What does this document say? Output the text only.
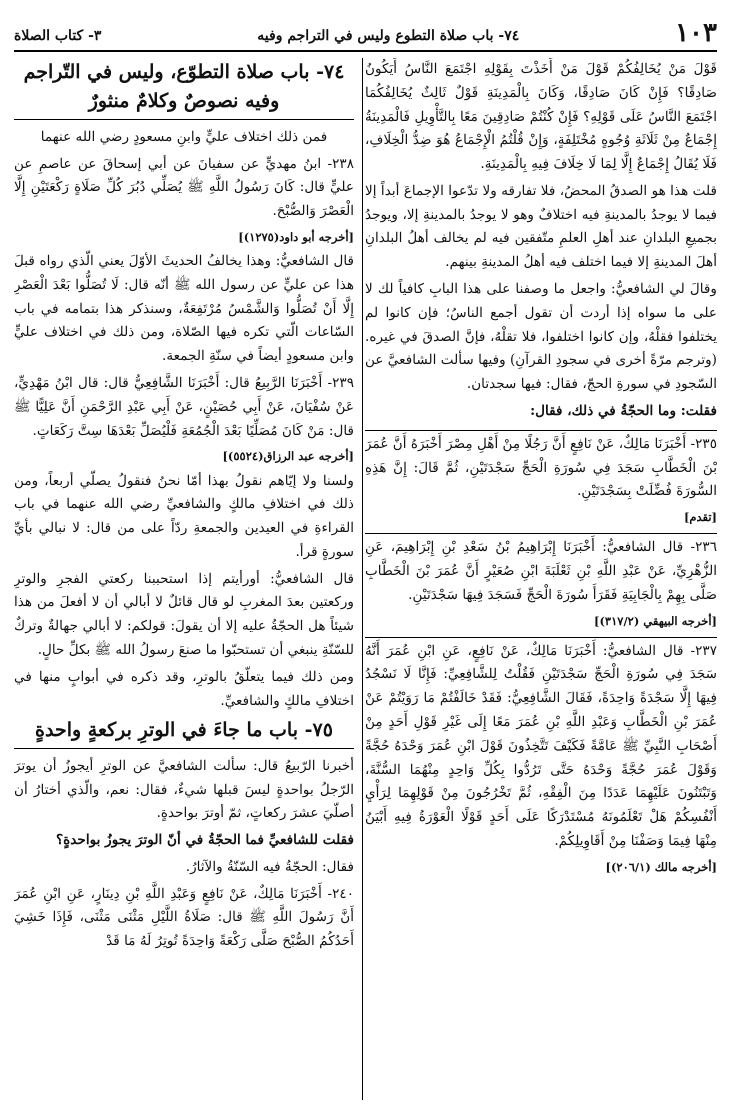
١٠٣
٧٤- باب صلاة التطوع وليس في التراجم وفيه
٣- كتاب الصلاة

قَوْلَ مَنْ يُخَالِفُكُمْ قَوْلَ مَنْ أَخَذْتَ بِقَوْلِهِ اجْتَمَعَ النَّاسُ أَيَكُونُ صَادِقًا؟ فَإِنْ كَانَ صَادِقًا، وَكَانَ بِالْمَدِينَةِ قَوْلٌ ثَالِثٌ يُخَالِفُكُمَا اجْتَمَعَ النَّاسُ عَلَى قَوْلِهِ؟ فَإِنْ كُنْتُمْ صَادِقِينَ مَعًا بِالتَّأْوِيلِ فَالْمَدِينَةُ إِجْمَاعٌ مِنْ ثَلَاثَةِ وُجُوهٍ مُخْتَلِفَةٍ، وَإِنْ قُلْتُمُ الْإِجْمَاعُ هُوَ ضِدُّ الْخِلَافِ، فَلَا يُقَالُ إِجْمَاعٌ إِلَّا لِمَا لَا خِلَافَ فِيهِ بِالْمَدِينَةِ.

قلت هذا هو الصدقُ المحضُ، فلا تفارقه ولا تدّعوا الإجماعَ أبداً إلا فيما لا يوجدُ بالمدينةِ فيه اختلافٌ وهو لا يوجدُ بالمدينةِ إلا، ويوجدُ بجميعِ البلدانِ عند أهلِ العلمِ متّفقين فيه لم يخالف أهلُ البلدانِ أهلَ المدينةِ إلا فيما اختلف فيه أهلُ المدينةِ بينهم.

وقالَ لي الشافعيُّ: واجعل ما وصفنا على هذا البابِ كافياً لك لا على ما سواه إذا أردت أن تقول أجمع الناسُ؛ فإن كانوا لم يختلفوا فقلْهُ، وإن كانوا اختلفوا، فلا تقلْهُ، فإنَّ الصدقَ في غيره. (وترجم مرّةً أخرى في سجودِ القرآنِ) وفيها سألت الشافعيَّ عن السّجودِ في سورةِ الحجّ، فقال: فيها سجدتان.

فقلت: وما الحجّةُ في ذلك، فقال:

٢٣٥- أَخْبَرَنَا مَالِكٌ، عَنْ نَافِعٍ أَنَّ رَجُلًا مِنْ أَهْلِ مِصْرَ أَخْبَرَهُ أَنَّ عُمَرَ بْنَ الْخَطَّابِ سَجَدَ فِي سُورَةِ الْحَجِّ سَجْدَتَيْنِ، ثُمَّ قَالَ: إِنَّ هَذِهِ السُّورَةَ فُضِّلَتْ بِسَجْدَتَيْنِ.

[تقدم]

٢٣٦- قال الشافعيُّ: أَخْبَرَنَا إِبْرَاهِيمُ بْنُ سَعْدِ بْنِ إِبْرَاهِيمَ، عَنِ الزُّهْرِيِّ، عَنْ عَبْدِ اللَّهِ بْنِ ثَعْلَبَةَ ابْنِ صُعَيْرٍ أَنَّ عُمَرَ بْنَ الْخَطَّابِ صَلَّى بِهِمْ بِالْجَابِيَةِ فَقَرَأَ سُورَةَ الْحَجِّ فَسَجَدَ فِيهَا سَجْدَتَيْنِ.

[أخرجه البيهقي (٣١٧/٢)]

٢٣٧- قال الشافعيُّ: أَخْبَرَنَا مَالِكٌ، عَنْ نَافِعٍ، عَنِ ابْنِ عُمَرَ أَنَّهُ سَجَدَ فِي سُورَةِ الْحَجِّ سَجْدَتَيْنِ فَقُلْتُ لِلشَّافِعِيِّ: فَإِنَّا لَا نَسْجُدُ فِيهَا إِلَّا سَجْدَةً وَاحِدَةً، فَقَالَ الشَّافِعِيُّ: فَقَدْ خَالَفْتُمْ مَا رَوَيْتُمْ عَنْ عُمَرَ بْنِ الْخَطَّابِ وَعَبْدِ اللَّهِ بْنِ عُمَرَ مَعًا إِلَى غَيْرِ قَوْلِ أَحَدٍ مِنْ أَصْحَابِ النَّبِيِّ ﷺ عَامَّةً فَكَيْفَ تَتَّخِذُونَ قَوْلَ ابْنِ عُمَرَ وَحْدَهُ حُجَّةً وَقَوْلَ عُمَرَ حُجَّةً وَحْدَهُ حَتَّى تَرُدُّوا بِكُلِّ وَاحِدٍ مِنْهُمَا السُّنَّةَ، وَتَبْتَنُونَ عَلَيْهِمَا عَدَدًا مِنَ الْفِقْهِ، ثُمَّ تَخْرُجُونَ مِنْ قَوْلِهِمَا لِرَأْيِ أَنْفُسِكُمْ هَلْ تَعْلَمُونَهُ مُسْتَدْرَكًا عَلَى أَحَدٍ قَوْلًا الْعَوْرَةُ فِيهِ أَبْيَنُ مِنْهَا فِيمَا وَصَفْنَا مِنْ أَقَاوِيلِكُمْ.

[أخرجه مالك (٢٠٦/١)]

٧٤- باب صلاة التطوّع، وليس في التّراجم وفيه نصوصٌ وكلامٌ منثورٌ

فمن ذلك اختلاف عليٍّ وابنِ مسعودٍ رضي الله عنهما

٢٣٨- ابنُ مهديٍّ عن سفيانَ عن أبي إسحاقَ عن عاصمِ عن عليٍّ قال: كَانَ رَسُولُ اللَّهِ ﷺ يُصَلِّي دُبُرَ كُلِّ صَلَاةٍ رَكْعَتَيْنِ إِلَّا الْعَصْرَ وَالصُّبْحَ.

[أخرجه أبو داود(١٢٧٥)]

قال الشافعيُّ: وهذا يخالفُ الحديثَ الأوّلَ يعني الّذي رواه قبلَ هذا عن عليٍّ عن رسول الله ﷺ أنّه قال: لَا تُصَلُّوا بَعْدَ الْعَصْرِ إِلَّا أَنْ تُصَلُّوا وَالشَّمْسُ مُرْتَفِعَةٌ، وسنذكر هذا بتمامه في باب السّاعات الّتي تكره فيها الصّلاة، ومن ذلك في اختلاف عليٍّ وابن مسعودٍ أيضاً في سنّةِ الجمعة.

٢٣٩- أَخْبَرَنَا الرَّبِيعُ قال: أَخْبَرَنَا الشَّافِعِيُّ قال: قال ابْنُ مَهْدِيٍّ، عَنْ سُفْيَانَ، عَنْ أَبِي حُصَيْنٍ، عَنْ أَبِي عَبْدِ الرَّحْمَنِ أَنَّ عَلِيًّا ﷺ قال: مَنْ كَانَ مُصَلِّيًا بَعْدَ الْجُمُعَةِ فَلْيُصَلِّ بَعْدَهَا سِتَّ رَكَعَاتٍ.

[أخرجه عبد الرزاق(٥٥٢٤)]

ولسنا ولا إيّاهم نقولُ بهذا أمّا نحنُ فنقولُ يصلّي أربعاً، ومن ذلك في اختلافِ مالكٍ والشافعيِّ رضي الله عنهما في باب القراءةِ في العيدين والجمعةِ ردّاً على من قال: لا نبالي بأيِّ سورةٍ قرأ.

قال الشافعيُّ: أورأيتم إذا استحببنا ركعتي الفجرِ والوترِ وركعتين بعدَ المغربِ لو قال قائلٌ لا أبالي أن لا أفعلَ من هذا شيئاً هل الحجّةُ عليه إلا أن يقولَ: قولكم: لا أبالي جهالةٌ وتركٌ للسّنّةِ ينبغي أن تستحبّوا ما صنعَ رسولُ الله ﷺ بكلِّ حالٍ.

ومن ذلك فيما يتعلّقُ بالوترِ، وقد ذكره في أبوابٍ منها في اختلافِ مالكٍ والشافعيِّ.

٧٥- باب ما جاءَ في الوترِ بركعةٍ واحدةٍ

أخبرنا الرّبيعُ قال: سألت الشافعيَّ عن الوترِ أيجوزُ أن يوترَ الرّجلُ بواحدةٍ ليسَ قبلها شيءٌ، فقال: نعم، والّذي أختارُ أن أصلّيَ عشرَ ركعاتٍ، ثمّ أوترَ بواحدةٍ.

فقلت للشافعيِّ فما الحجّةُ في أنّ الوترَ يجوزُ بواحدةٍ؟

فقال: الحجّةُ فيه السّنّةُ والآثارُ.

٢٤٠- أَخْبَرَنَا مَالِكٌ، عَنْ نَافِعٍ وَعَبْدِ اللَّهِ بْنِ دِينَارٍ، عَنِ ابْنِ عُمَرَ أَنَّ رَسُولَ اللَّهِ ﷺ قال: صَلَاةُ اللَّيْلِ مَثْنَى مَثْنَى، فَإِذَا خَشِيَ أَحَدُكُمُ الصُّبْحَ صَلَّى رَكْعَةً وَاحِدَةً تُوتِرُ لَهُ مَا قَدْ
